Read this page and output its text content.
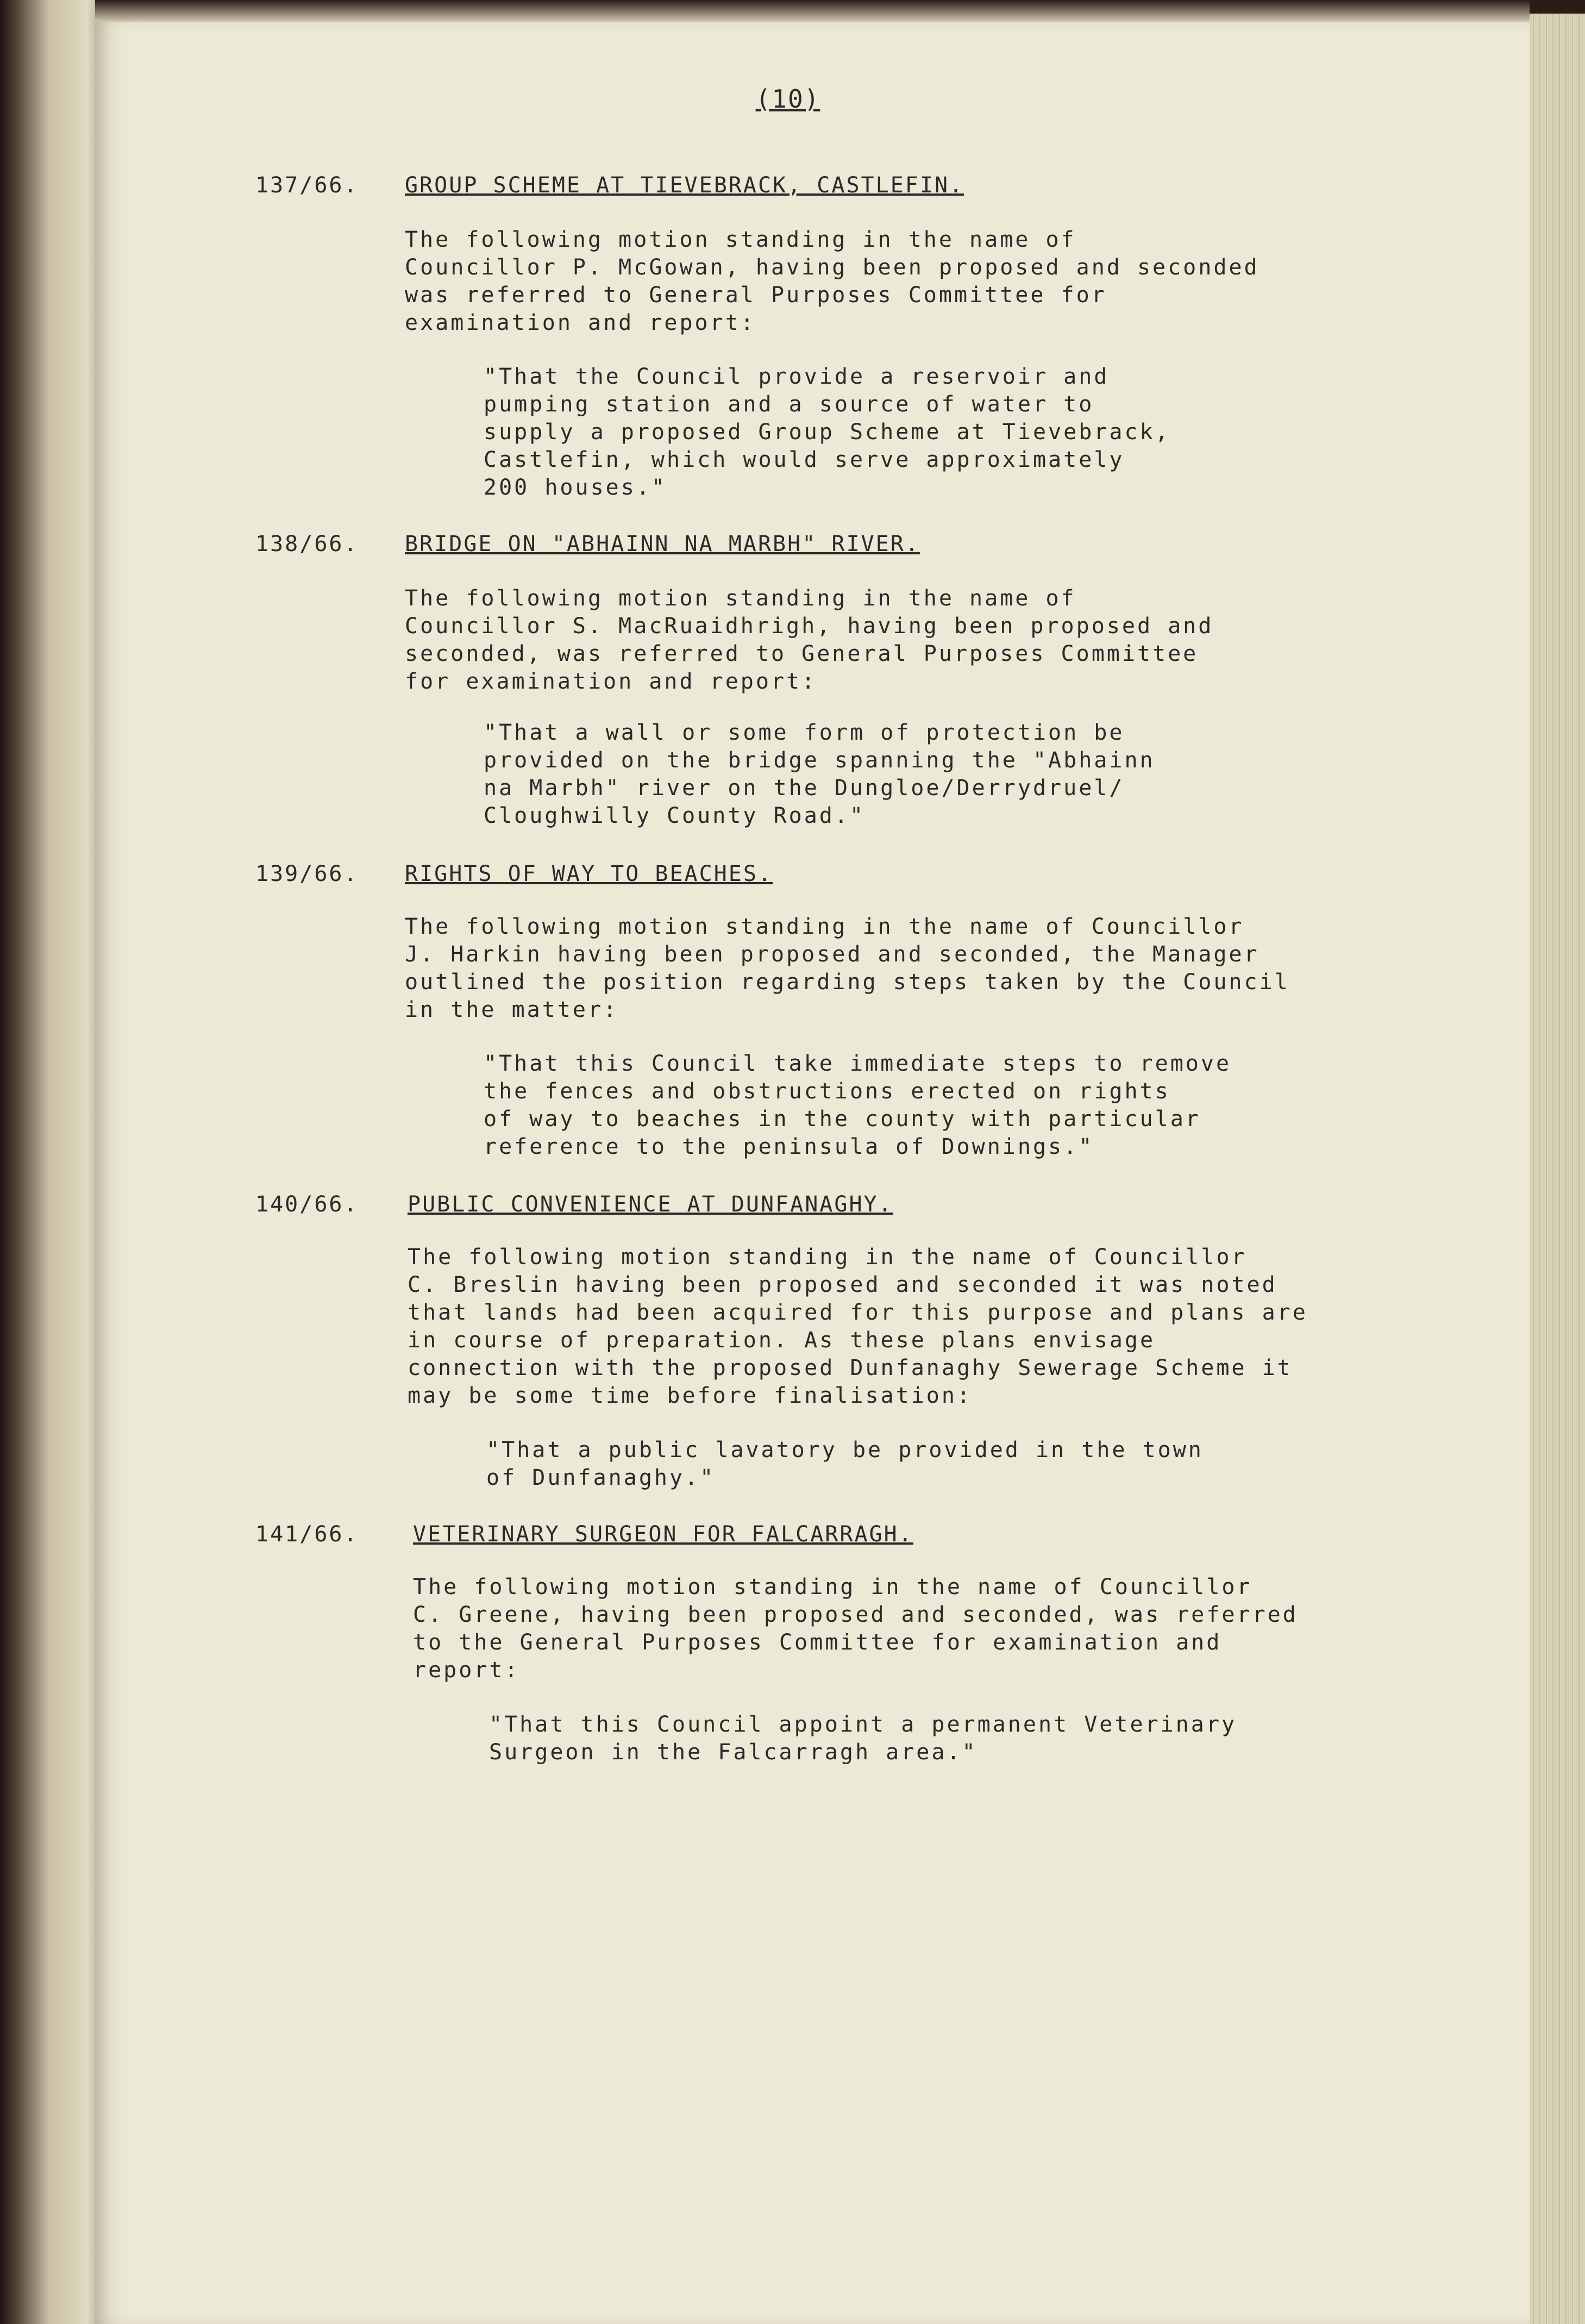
(10)
137/66. GROUP SCHEME AT TIEVEBRACK, CASTLEFIN.
The following motion standing in the name of
Councillor P. McGowan, having been proposed and seconded
was referred to General Purposes Committee for
examination and report:
"That the Council provide a reservoir and
pumping station and a source of water to
supply a proposed Group Scheme at Tievebrack,
Castlefin, which would serve approximately
200 houses."
138/66. BRIDGE ON "ABHAINN NA MARBH" RIVER.
The following motion standing in the name of
Councillor S. MacRuaidhrigh, having been proposed and
seconded, was referred to General Purposes Committee
for examination and report:
"That a wall or some form of protection be
provided on the bridge spanning the "Abhainn
na Marbh" river on the Dungloe/Derrydruel/
Cloughwilly County Road."
139/66. RIGHTS OF WAY TO BEACHES.
The following motion standing in the name of Councillor
J. Harkin having been proposed and seconded, the Manager
outlined the position regarding steps taken by the Council
in the matter:
"That this Council take immediate steps to remove
the fences and obstructions erected on rights
of way to beaches in the county with particular
reference to the peninsula of Downings."
140/66. PUBLIC CONVENIENCE AT DUNFANAGHY.
The following motion standing in the name of Councillor
C. Breslin having been proposed and seconded it was noted
that lands had been acquired for this purpose and plans are
in course of preparation. As these plans envisage
connection with the proposed Dunfanaghy Sewerage Scheme it
may be some time before finalisation:
"That a public lavatory be provided in the town
of Dunfanaghy."
141/66.	VETERINARY SURGEON FOR FALCARRAGH.
The following motion standing in the name of Councillor
C. Greene, having been proposed and seconded, was referred
to the General Purposes Committee for examination and
report:
"That this Council appoint a permanent Veterinary
Surgeon in the Falcarragh area."
